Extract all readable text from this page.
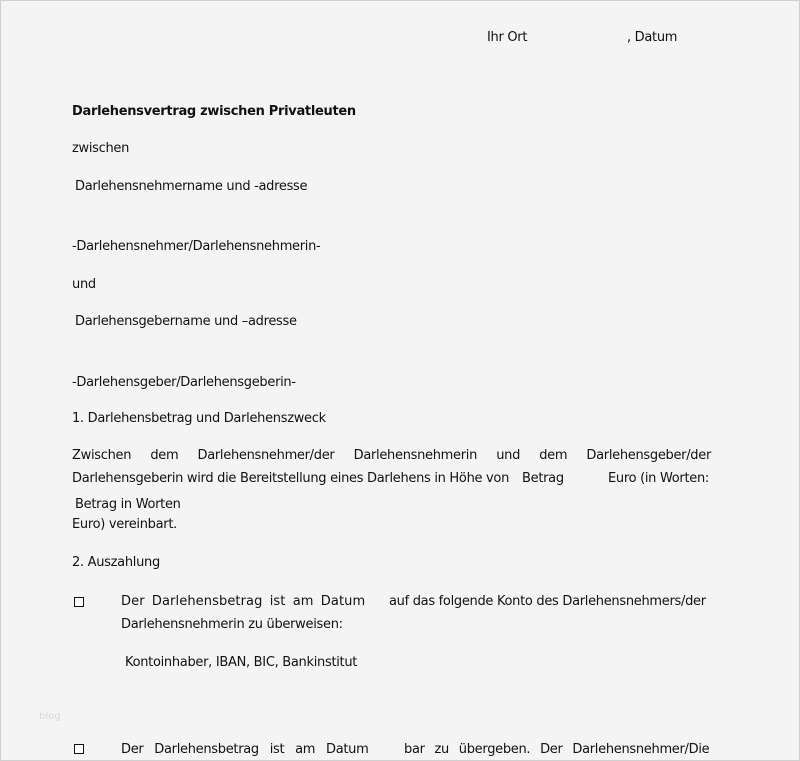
Ihr Ort	, Datum
Darlehensvertrag zwischen Privatleuten
zwischen
Darlehensnehmername und -adresse
-Darlehensnehmer/Darlehensnehmerin-
und
Darlehensgebername und –adresse
-Darlehensgeber/Darlehensgeberin-
1. Darlehensbetrag und Darlehenszweck
Zwischen dem Darlehensnehmer/der Darlehensnehmerin und dem Darlehensgeber/der
Darlehensgeberin wird die Bereitstellung eines Darlehens in Höhe von Betrag	Euro (in Worten:
Betrag in Worten
Euro) vereinbart.
2. Auszahlung
Der Darlehensbetrag ist am Datum auf das folgende Konto des Darlehensnehmers/der
Darlehensnehmerin zu überweisen:
Kontoinhaber, IBAN, BIC, Bankinstitut
blog
Der Darlehensbetrag ist am Datum	bar zu übergeben. Der Darlehensnehmer/Die
